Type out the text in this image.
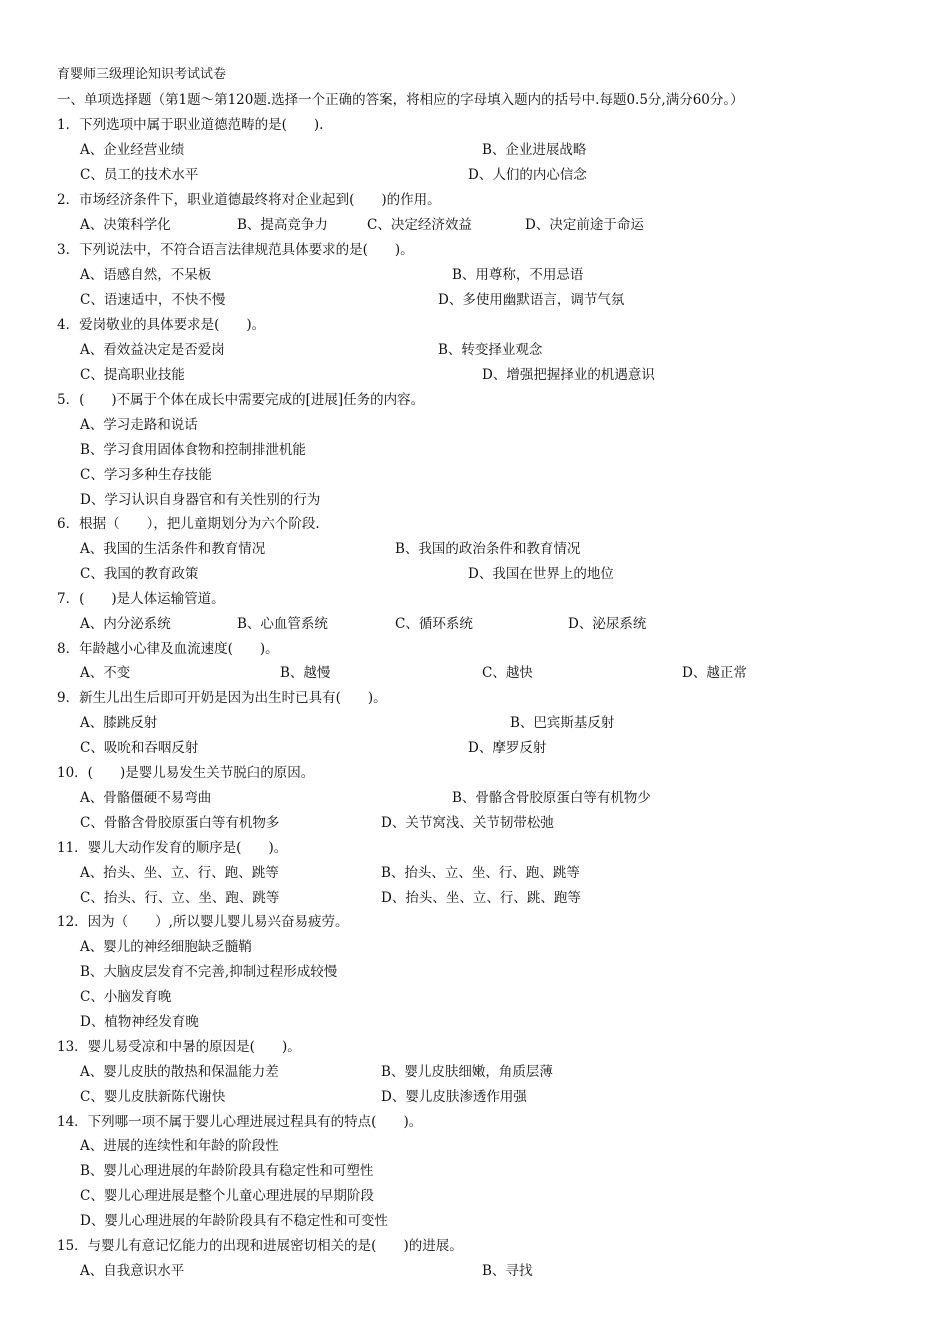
育婴师三级理论知识考试试卷
一、单项选择题（第1题～第120题.选择一个正确的答案，将相应的字母填入题内的括号中.每题0.5分,满分60分。）
1．下列选项中属于职业道德范畴的是(　　).
A、企业经营业绩	B、企业进展战略
C、员工的技术水平	D、人们的内心信念
2．市场经济条件下，职业道德最终将对企业起到(　　)的作用。
A、决策科学化	B、提高竞争力	C、决定经济效益	D、决定前途于命运
3．下列说法中，不符合语言法律规范具体要求的是(　　)。
A、语感自然，不呆板	B、用尊称，不用忌语
C、语速适中，不快不慢	D、多使用幽默语言，调节气氛
4．爱岗敬业的具体要求是(　　)。
A、看效益决定是否爱岗	B、转变择业观念
C、提高职业技能	D、增强把握择业的机遇意识
5．(　　)不属于个体在成长中需要完成的[进展]任务的内容。
A、学习走路和说话
B、学习食用固体食物和控制排泄机能
C、学习多种生存技能
D、学习认识自身器官和有关性别的行为
6．根据（　　），把儿童期划分为六个阶段.
A、我国的生活条件和教育情况	B、我国的政治条件和教育情况
C、我国的教育政策	D、我国在世界上的地位
7．(　　)是人体运输管道。
A、内分泌系统	B、心血管系统	C、循环系统	D、泌尿系统
8．年龄越小心律及血流速度(　　)。
A、不变	B、越慢	C、越快	D、越正常
9．新生儿出生后即可开奶是因为出生时已具有(　　)。
A、膝跳反射	B、巴宾斯基反射
C、吸吮和吞咽反射	D、摩罗反射
10．(　　)是婴儿易发生关节脱臼的原因。
A、骨骼僵硬不易弯曲	B、骨骼含骨胶原蛋白等有机物少
C、骨骼含骨胶原蛋白等有机物多	D、关节窝浅、关节韧带松弛
11．婴儿大动作发育的顺序是(　　)。
A、抬头、坐、立、行、跑、跳等	B、抬头、立、坐、行、跑、跳等
C、抬头、行、立、坐、跑、跳等	D、抬头、坐、立、行、跳、跑等
12．因为（　　）,所以婴儿婴儿易兴奋易疲劳。
A、婴儿的神经细胞缺乏髓鞘
B、大脑皮层发育不完善,抑制过程形成较慢
C、小脑发育晚
D、植物神经发育晚
13．婴儿易受凉和中暑的原因是(　　)。
A、婴儿皮肤的散热和保温能力差	B、婴儿皮肤细嫩，角质层薄
C、婴儿皮肤新陈代谢快	D、婴儿皮肤渗透作用强
14．下列哪一项不属于婴儿心理进展过程具有的特点(　　)。
A、进展的连续性和年龄的阶段性
B、婴儿心理进展的年龄阶段具有稳定性和可塑性
C、婴儿心理进展是整个儿童心理进展的早期阶段
D、婴儿心理进展的年龄阶段具有不稳定性和可变性
15．与婴儿有意记忆能力的出现和进展密切相关的是(　　)的进展。
A、自我意识水平	B、寻找
